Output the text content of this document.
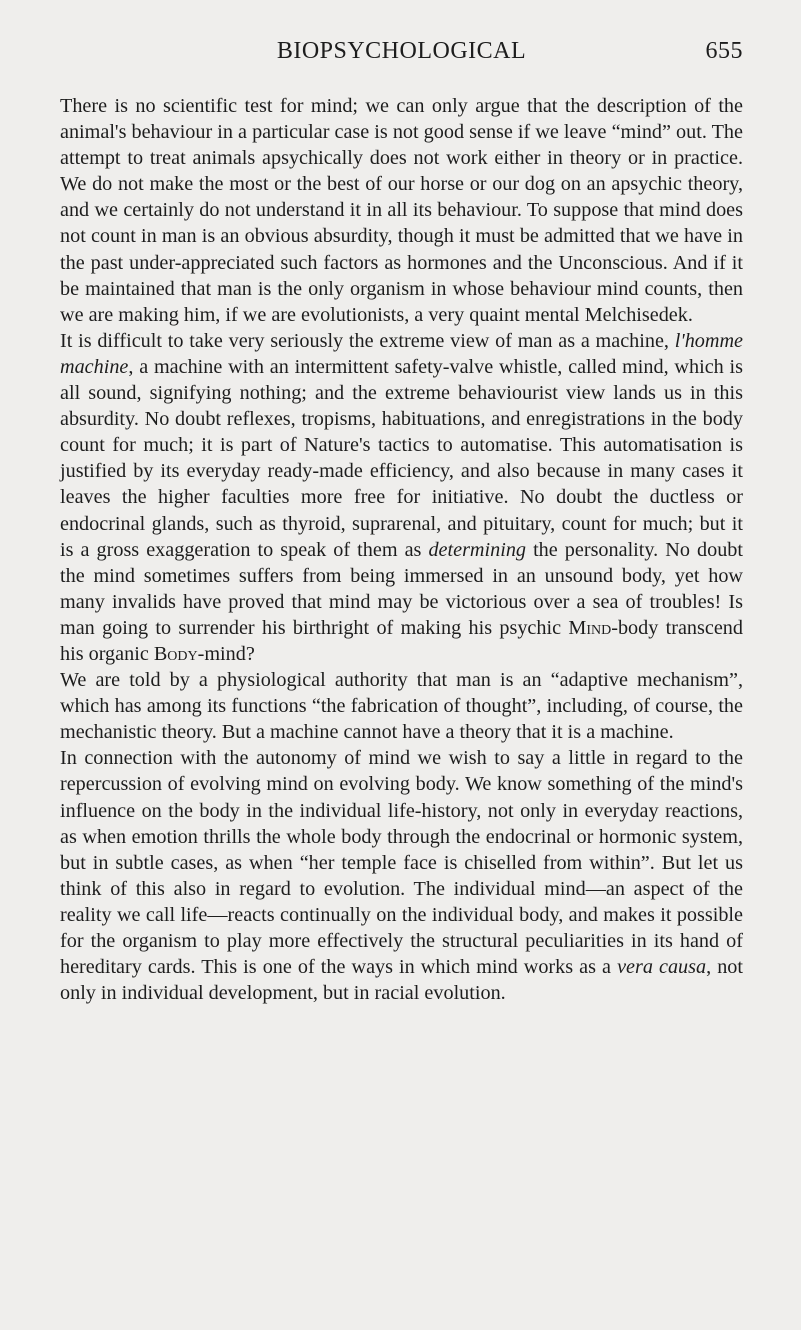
BIOPSYCHOLOGICAL	655

There is no scientific test for mind; we can only argue that the description of the animal's behaviour in a particular case is not good sense if we leave “mind” out. The attempt to treat animals apsychically does not work either in theory or in practice. We do not make the most or the best of our horse or our dog on an apsychic theory, and we certainly do not understand it in all its behaviour. To suppose that mind does not count in man is an obvious absurdity, though it must be admitted that we have in the past under-appreciated such factors as hormones and the Unconscious. And if it be maintained that man is the only organism in whose behaviour mind counts, then we are making him, if we are evolutionists, a very quaint mental Melchisedek.

It is difficult to take very seriously the extreme view of man as a machine, l'homme machine, a machine with an intermittent safety-valve whistle, called mind, which is all sound, signifying nothing; and the extreme behaviourist view lands us in this absurdity. No doubt reflexes, tropisms, habituations, and enregistrations in the body count for much; it is part of Nature's tactics to automatise. This automatisation is justified by its everyday ready-made efficiency, and also because in many cases it leaves the higher faculties more free for initiative. No doubt the ductless or endocrinal glands, such as thyroid, suprarenal, and pituitary, count for much; but it is a gross exaggeration to speak of them as determining the personality. No doubt the mind sometimes suffers from being immersed in an unsound body, yet how many invalids have proved that mind may be victorious over a sea of troubles! Is man going to surrender his birthright of making his psychic Mind-body transcend his organic Body-mind?

We are told by a physiological authority that man is an “adaptive mechanism”, which has among its functions “the fabrication of thought”, including, of course, the mechanistic theory. But a machine cannot have a theory that it is a machine.

In connection with the autonomy of mind we wish to say a little in regard to the repercussion of evolving mind on evolving body. We know something of the mind's influence on the body in the individual life-history, not only in everyday reactions, as when emotion thrills the whole body through the endocrinal or hormonic system, but in subtle cases, as when “her temple face is chiselled from within”. But let us think of this also in regard to evolution. The individual mind—an aspect of the reality we call life—reacts continually on the individual body, and makes it possible for the organism to play more effectively the structural peculiarities in its hand of hereditary cards. This is one of the ways in which mind works as a vera causa, not only in individual development, but in racial evolution.
